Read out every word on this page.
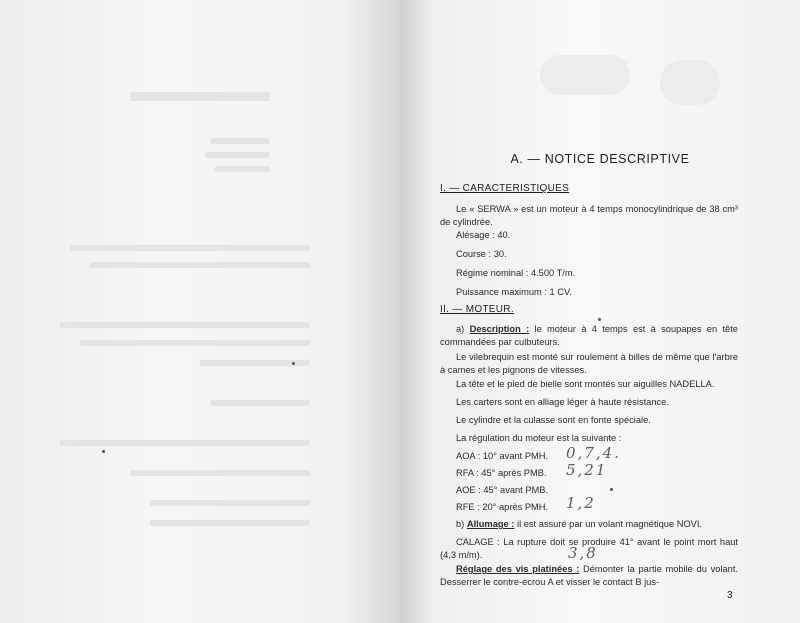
A. — NOTICE DESCRIPTIVE
I. — CARACTERISTIQUES
Le « SERWA » est un moteur à 4 temps monocylindrique de 38 cm³ de cylindrée.
Alésage : 40.
Course : 30.
Régime nominal : 4.500 T/m.
Puissance maximum : 1 CV.
II. — MOTEUR.
a) Description : le moteur à 4 temps est à soupapes en tête commandées par culbuteurs.
Le vilebrequin est monté sur roulement à billes de même que l'arbre à cames et les pignons de vitesses.
La tête et le pied de bielle sont montés sur aiguilles NADELLA.
Les carters sont en alliage léger à haute résistance.
Le cylindre et la culasse sont en fonte spéciale.
La régulation du moteur est la suivante :
AOA : 10° avant PMH.
RFA : 45° après PMB.
AOE : 45° avant PMB.
RFE : 20° après PMH.
0,7,4.
5,21
1,2
b) Allumage : il est assuré par un volant magnétique NOVI.
CALAGE : La rupture doit se produire 41° avant le point mort haut (4,3 m/m).	3,8
Réglage des vis platinées : Démonter la partie mobile du volant. Desserrer le contre-écrou A et visser le contact B jus-
3
